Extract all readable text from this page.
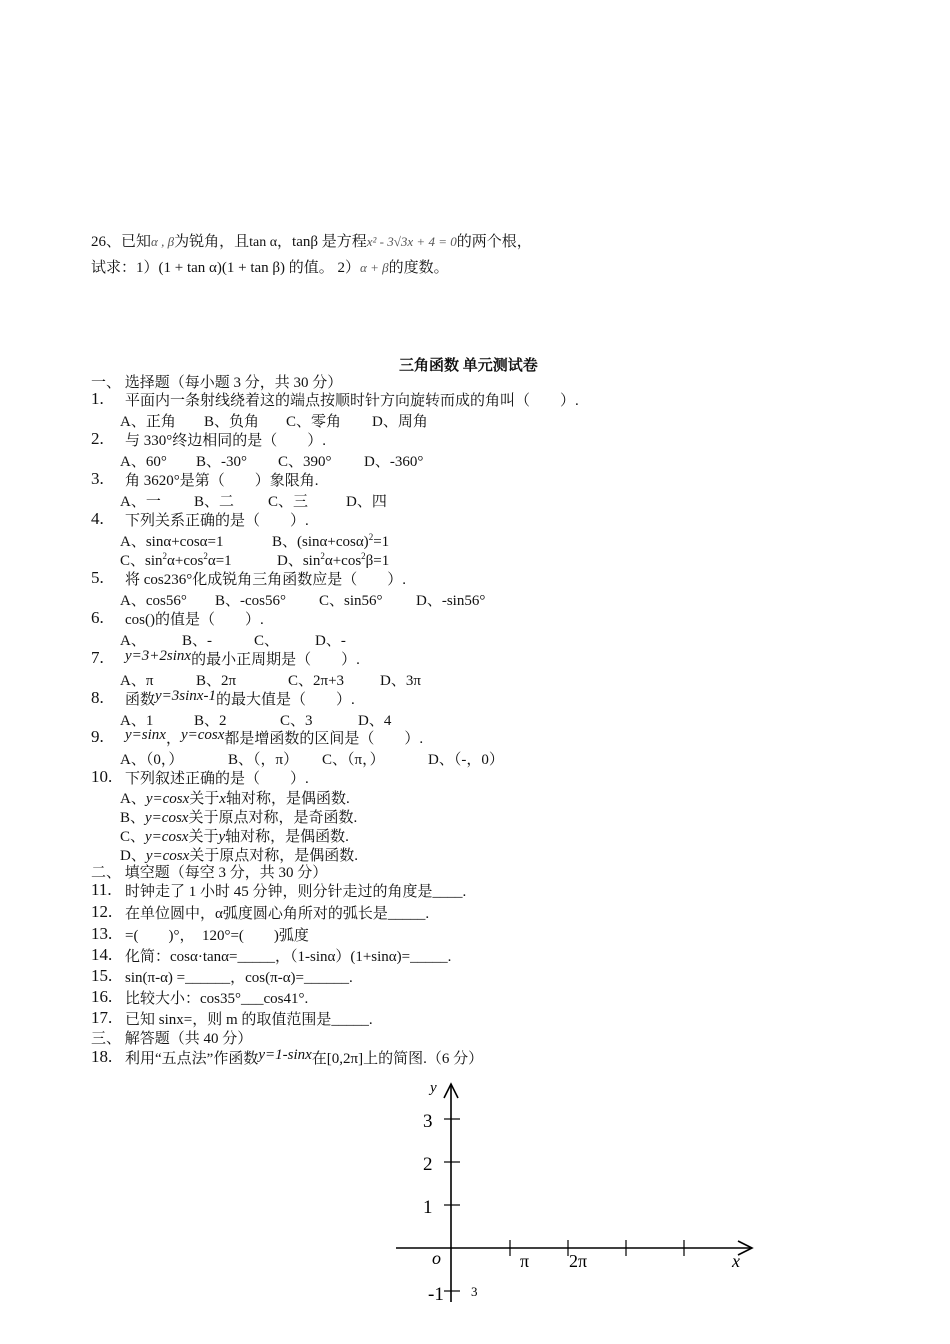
26、已知α , β为锐角，且tan α，tanβ 是方程x² - 3√3x + 4 = 0的两个根，
试求：1）(1 + tan α)(1 + tan β) 的值。 2）α + β的度数。
三角函数 单元测试卷
一、 选择题（每小题 3 分，共 30 分）
1.	平面内一条射线绕着这的端点按顺时针方向旋转而成的角叫（　　）.
A、正角 B、负角 C、零角 D、周角
2.	与 330°终边相同的是（　　）.
A、60° B、-30° C、390° D、-360°
3.	角 3620°是第（　　）象限角.
A、一 B、二 C、三	D、四
4.	下列关系正确的是（　　）.
A、sinα+cosα=1	B、$(\sin\alpha+\cos\alpha)^2=1$
C、$\sin^2\alpha+\cos^2\alpha=1$	D、$\sin^2\alpha+\cos^2\beta=1$
5.	将 cos236°化成锐角三角函数应是（　　）.
A、cos56° B、-cos56° C、sin56° D、-sin56°
6.	cos()的值是（　　）.
A、 B、-	C、 D、-
7.	y=3+2sinx 的最小正周期是（　　）.
A、π	B、2π	C、2π+3 D、3π
8.	函数 y=3sinx-1 的最大值是（　　）.
A、1	B、2	C、3	D、4
9.	y=sinx ， y=cosx 都是增函数的区间是（　　）.
A、（0，）	B、（，π） C、（π，）	D、（-，0）
10. 下列叙述正确的是（　　）.
A、y=cosx关于x轴对称，是偶函数.
B、y=cosx关于原点对称，是奇函数.
C、y=cosx关于y轴对称，是偶函数.
D、y=cosx关于原点对称，是偶函数.
二、 填空题（每空 3 分，共 30 分）
11. 时钟走了 1 小时 45 分钟，则分针走过的角度是____.
12. 在单位圆中，α弧度圆心角所对的弧长是_____.
13. =(　　)°，　120°=(　　)弧度
14. 化简：cosα·tanα=_____，（1-sinα）(1+sinα)=_____.
15. sin(π-α) =______，cos(π-α)=______.
16. 比较大小：cos35°___cos41°.
17. 已知 sinx=，则 m 的取值范围是_____.
三、 解答题（共 40 分）
18. 利用“五点法”作函数 y=1-sinx 在[0,2π]上的简图.（6 分）
y
3
2
1
-1
o	π 2π	x
3
